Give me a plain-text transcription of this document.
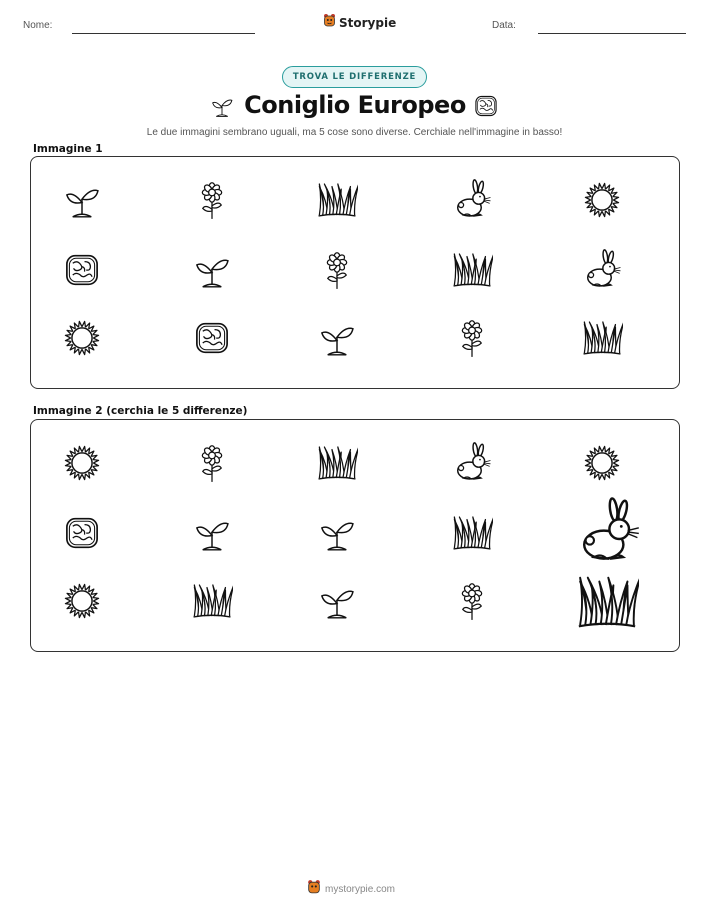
Nome:	Storypie	Data:
TROVA LE DIFFERENZE
Coniglio Europeo
Le due immagini sembrano uguali, ma 5 cose sono diverse. Cerchiale nell'immagine in basso!
Immagine 1
Immagine 2 (cerchia le 5 differenze)
mystorypie.com
